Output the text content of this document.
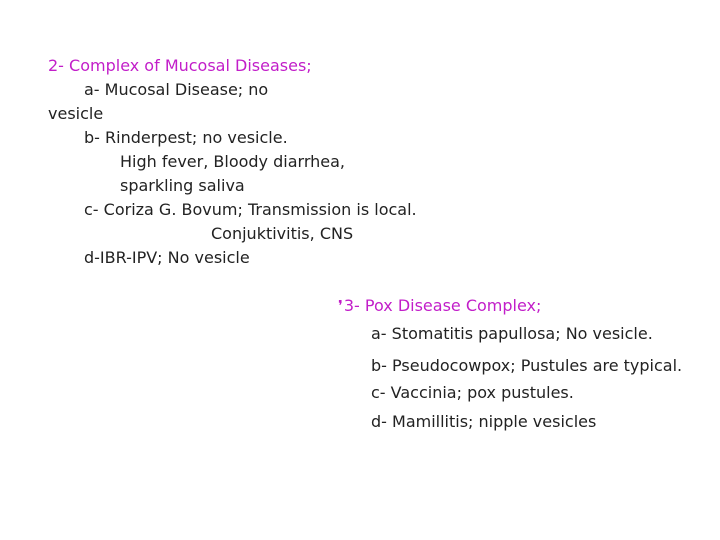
2- Complex of Mucosal Diseases;
a- Mucosal Disease; no
vesicle
b- Rinderpest; no vesicle.
High fever, Bloody diarrhea,
sparkling saliva
c- Coriza G. Bovum; Transmission is local.
Conjuktivitis, CNS
d-IBR-IPV; No vesicle
❜3- Pox Disease Complex;
a- Stomatitis papullosa; No vesicle.
b- Pseudocowpox; Pustules are typical.
c- Vaccinia; pox pustules.
d- Mamillitis; nipple vesicles
